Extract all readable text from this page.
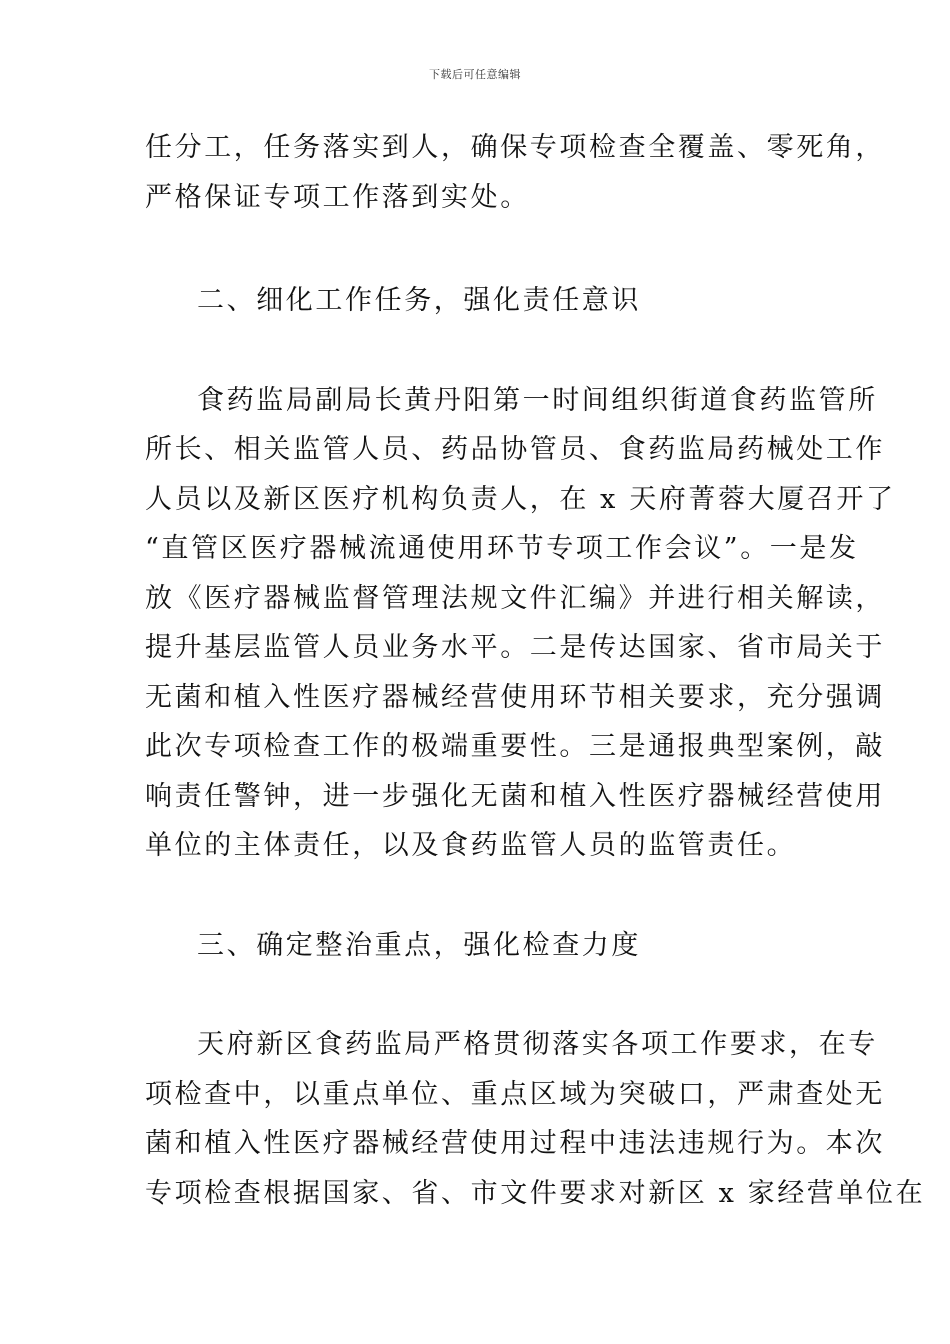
下载后可任意编辑
任分工，任务落实到人，确保专项检查全覆盖、零死角，
严格保证专项工作落到实处。
二、细化工作任务，强化责任意识
食药监局副局长黄丹阳第一时间组织街道食药监管所
所长、相关监管人员、药品协管员、食药监局药械处工作
人员以及新区医疗机构负责人，在 x 天府菁蓉大厦召开了
“直管区医疗器械流通使用环节专项工作会议”。一是发
放《医疗器械监督管理法规文件汇编》并进行相关解读，
提升基层监管人员业务水平。二是传达国家、省市局关于
无菌和植入性医疗器械经营使用环节相关要求，充分强调
此次专项检查工作的极端重要性。三是通报典型案例，敲
响责任警钟，进一步强化无菌和植入性医疗器械经营使用
单位的主体责任，以及食药监管人员的监管责任。
三、确定整治重点，强化检查力度
天府新区食药监局严格贯彻落实各项工作要求，在专
项检查中，以重点单位、重点区域为突破口，严肃查处无
菌和植入性医疗器械经营使用过程中违法违规行为。本次
专项检查根据国家、省、市文件要求对新区 x 家经营单位在
